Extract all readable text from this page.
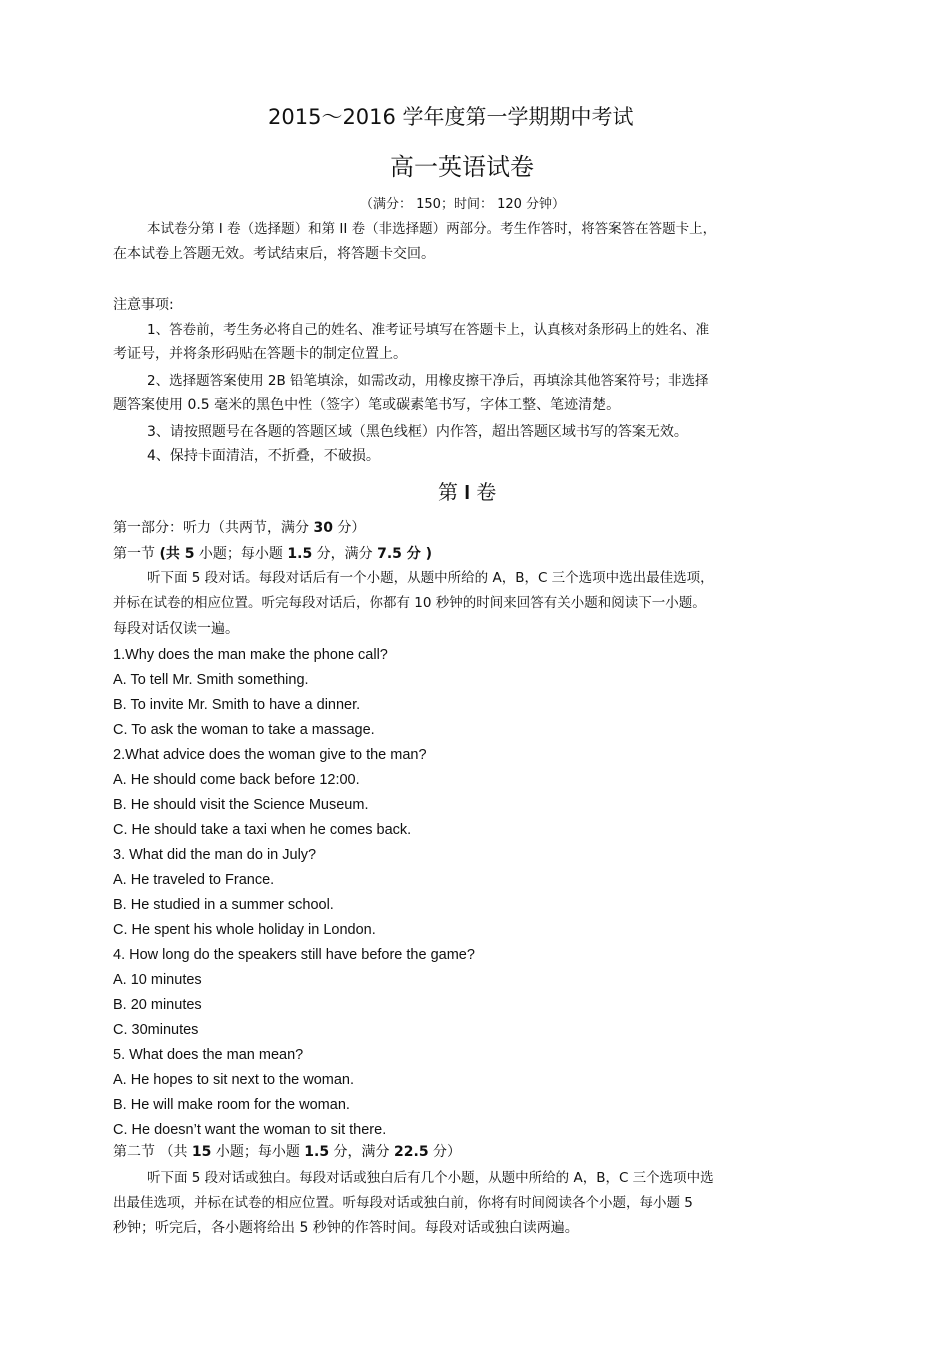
2015～2016 学年度第一学期期中考试
高一英语试卷
（满分： 150；时间： 120 分钟）
本试卷分第 I 卷（选择题）和第 II 卷（非选择题）两部分。考生作答时，将答案答在答题卡上，
在本试卷上答题无效。考试结束后，将答题卡交回。
注意事项:
1、答卷前，考生务必将自己的姓名、准考证号填写在答题卡上，认真核对条形码上的姓名、准
考证号，并将条形码贴在答题卡的制定位置上。
2、选择题答案使用 2B 铅笔填涂，如需改动，用橡皮擦干净后，再填涂其他答案符号；非选择
题答案使用 0.5 毫米的黑色中性（签字）笔或碳素笔书写，字体工整、笔迹清楚。
3、请按照题号在各题的答题区域（黑色线框）内作答，超出答题区域书写的答案无效。
4、保持卡面清洁，不折叠，不破损。
第 I 卷
第一部分：听力（共两节，满分 30 分）
第一节 (共 5 小题；每小题 1.5 分，满分 7.5 分 )
听下面 5 段对话。每段对话后有一个小题，从题中所给的 A，B，C 三个选项中选出最佳选项，
并标在试卷的相应位置。听完每段对话后，你都有 10 秒钟的时间来回答有关小题和阅读下一小题。
每段对话仅读一遍。
1.Why does the man make the phone call?
A. To tell Mr. Smith something.
B. To invite Mr. Smith to have a dinner.
C. To ask the woman to take a massage.
2.What advice does the woman give to the man?
A. He should come back before 12:00.
B. He should visit the Science Museum.
C. He should take a taxi when he comes back.
3. What did the man do in July?
A. He traveled to France.
B. He studied in a summer school.
C. He spent his whole holiday in London.
4. How long do the speakers still have before the game?
A. 10 minutes
B. 20 minutes
C. 30minutes
5. What does the man mean?
A. He hopes to sit next to the woman.
B. He will make room for the woman.
C. He doesn’t want the woman to sit there.
第二节 （共 15 小题；每小题 1.5 分，满分 22.5 分）
听下面 5 段对话或独白。每段对话或独白后有几个小题，从题中所给的 A，B，C 三个选项中选
出最佳选项，并标在试卷的相应位置。听每段对话或独白前，你将有时间阅读各个小题，每小题 5
秒钟；听完后，各小题将给出 5 秒钟的作答时间。每段对话或独白读两遍。
